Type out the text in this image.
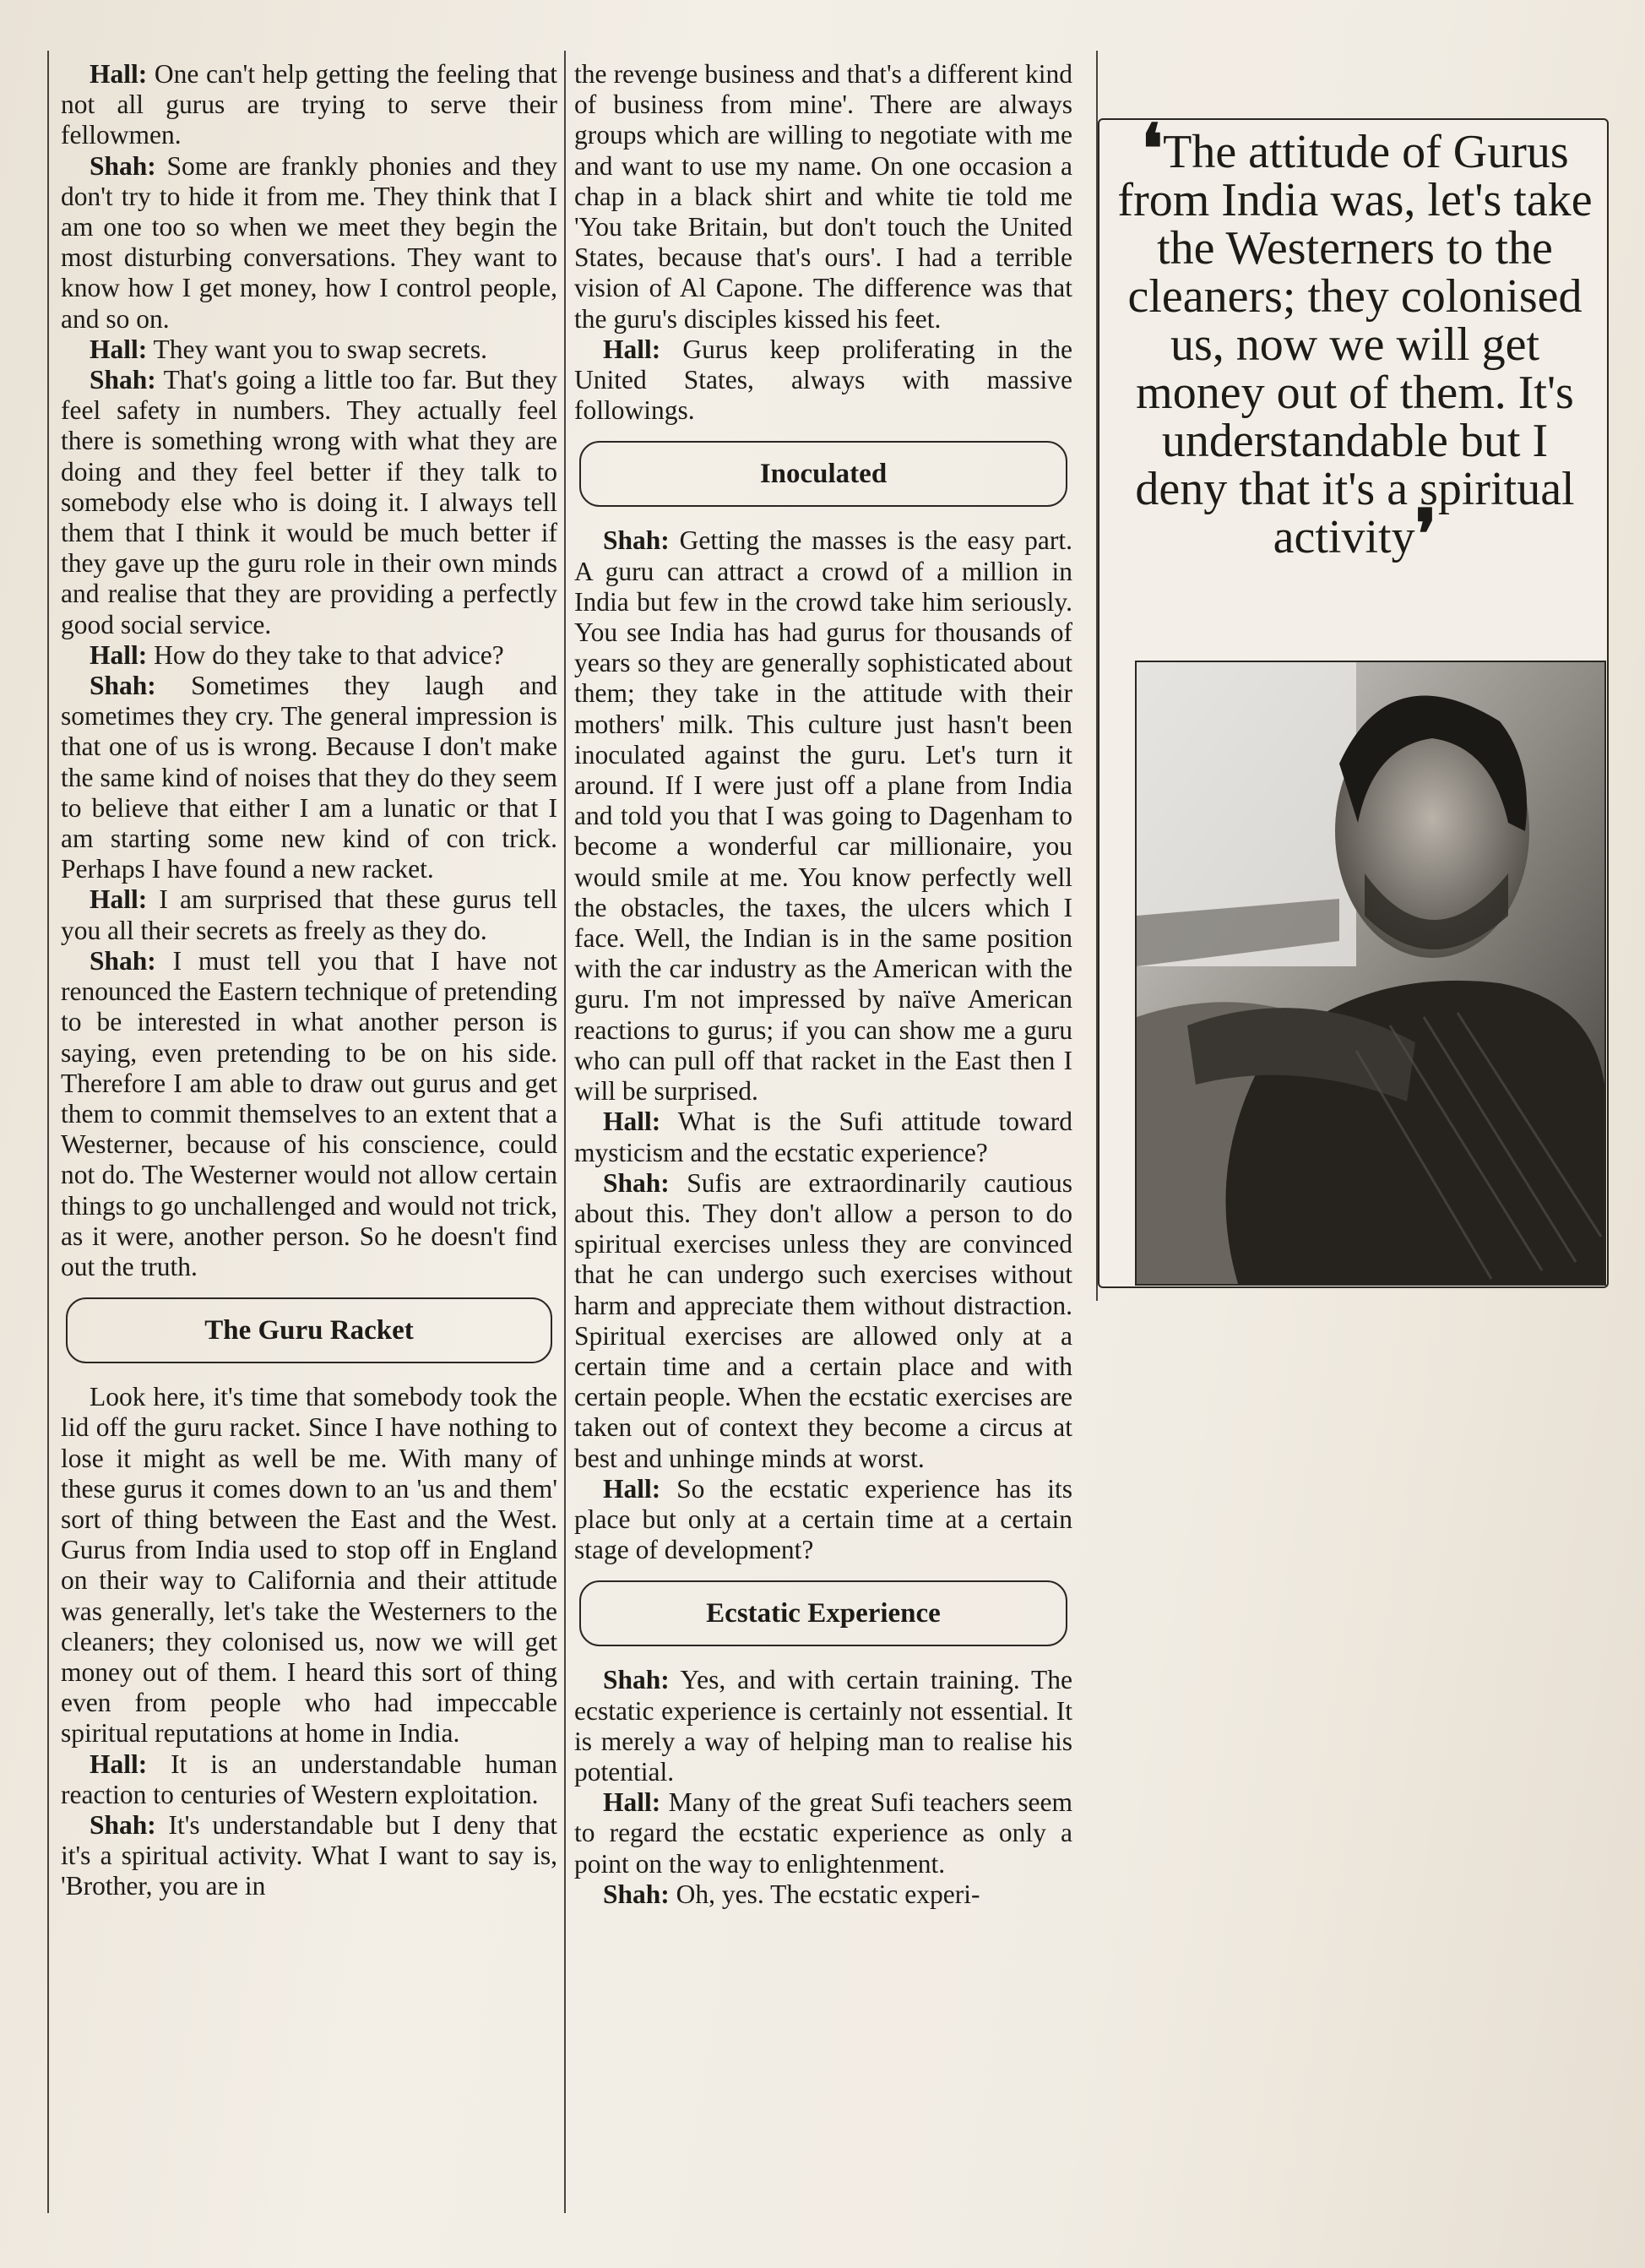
Hall: One can't help getting the feeling that not all gurus are trying to serve their fellowmen.

Shah: Some are frankly phonies and they don't try to hide it from me. They think that I am one too so when we meet they begin the most disturbing conversations. They want to know how I get money, how I control people, and so on.

Hall: They want you to swap secrets.

Shah: That's going a little too far. But they feel safety in numbers. They actually feel there is something wrong with what they are doing and they feel better if they talk to somebody else who is doing it. I always tell them that I think it would be much better if they gave up the guru role in their own minds and realise that they are providing a perfectly good social service.

Hall: How do they take to that advice?

Shah: Sometimes they laugh and sometimes they cry. The general impression is that one of us is wrong. Because I don't make the same kind of noises that they do they seem to believe that either I am a lunatic or that I am starting some new kind of con trick. Perhaps I have found a new racket.

Hall: I am surprised that these gurus tell you all their secrets as freely as they do.

Shah: I must tell you that I have not renounced the Eastern technique of pretending to be interested in what another person is saying, even pretending to be on his side. Therefore I am able to draw out gurus and get them to commit themselves to an extent that a Westerner, because of his conscience, could not do. The Westerner would not allow certain things to go unchallenged and would not trick, as it were, another person. So he doesn't find out the truth.

The Guru Racket

Look here, it's time that somebody took the lid off the guru racket. Since I have nothing to lose it might as well be me. With many of these gurus it comes down to an 'us and them' sort of thing between the East and the West. Gurus from India used to stop off in England on their way to California and their attitude was generally, let's take the Westerners to the cleaners; they colonised us, now we will get money out of them. I heard this sort of thing even from people who had impeccable spiritual reputations at home in India.

Hall: It is an understandable human reaction to centuries of Western exploitation.

Shah: It's understandable but I deny that it's a spiritual activity. What I want to say is, 'Brother, you are in

the revenge business and that's a different kind of business from mine'. There are always groups which are willing to negotiate with me and want to use my name. On one occasion a chap in a black shirt and white tie told me 'You take Britain, but don't touch the United States, because that's ours'. I had a terrible vision of Al Capone. The difference was that the guru's disciples kissed his feet.

Hall: Gurus keep proliferating in the United States, always with massive followings.

Inoculated

Shah: Getting the masses is the easy part. A guru can attract a crowd of a million in India but few in the crowd take him seriously. You see India has had gurus for thousands of years so they are generally sophisticated about them; they take in the attitude with their mothers' milk. This culture just hasn't been inoculated against the guru. Let's turn it around. If I were just off a plane from India and told you that I was going to Dagenham to become a wonderful car millionaire, you would smile at me. You know perfectly well the obstacles, the taxes, the ulcers which I face. Well, the Indian is in the same position with the car industry as the American with the guru. I'm not impressed by naïve American reactions to gurus; if you can show me a guru who can pull off that racket in the East then I will be surprised.

Hall: What is the Sufi attitude toward mysticism and the ecstatic experience?

Shah: Sufis are extraordinarily cautious about this. They don't allow a person to do spiritual exercises unless they are convinced that he can undergo such exercises without harm and appreciate them without distraction. Spiritual exercises are allowed only at a certain time and a certain place and with certain people. When the ecstatic exercises are taken out of context they become a circus at best and unhinge minds at worst.

Hall: So the ecstatic experience has its place but only at a certain time at a certain stage of development?

Ecstatic Experience

Shah: Yes, and with certain training. The ecstatic experience is certainly not essential. It is merely a way of helping man to realise his potential.

Hall: Many of the great Sufi teachers seem to regard the ecstatic experience as only a point on the way to enlightenment.

Shah: Oh, yes. The ecstatic experi-

❛The attitude of Gurus from India was, let's take the Westerners to the cleaners; they colonised us, now we will get money out of them. It's understandable but I deny that it's a spiritual activity❜
